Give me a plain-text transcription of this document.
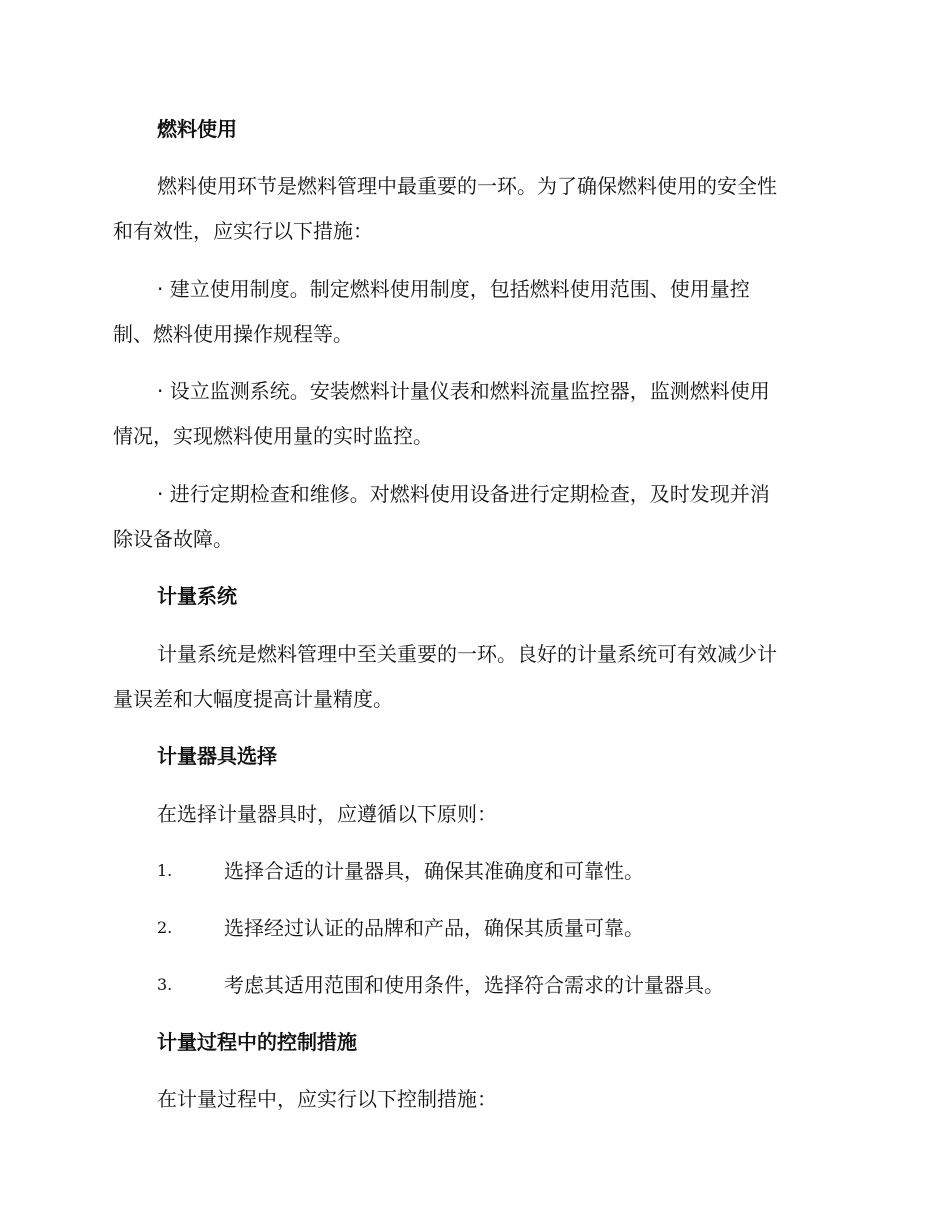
燃料使用
燃料使用环节是燃料管理中最重要的一环。为了确保燃料使用的安全性
和有效性，应实行以下措施：
· 建立使用制度。制定燃料使用制度，包括燃料使用范围、使用量控
制、燃料使用操作规程等。
· 设立监测系统。安装燃料计量仪表和燃料流量监控器，监测燃料使用
情况，实现燃料使用量的实时监控。
· 进行定期检查和维修。对燃料使用设备进行定期检查，及时发现并消
除设备故障。
计量系统
计量系统是燃料管理中至关重要的一环。良好的计量系统可有效减少计
量误差和大幅度提高计量精度。
计量器具选择
在选择计量器具时，应遵循以下原则：
1.	选择合适的计量器具，确保其准确度和可靠性。
2.	选择经过认证的品牌和产品，确保其质量可靠。
3.	考虑其适用范围和使用条件，选择符合需求的计量器具。
计量过程中的控制措施
在计量过程中，应实行以下控制措施：
